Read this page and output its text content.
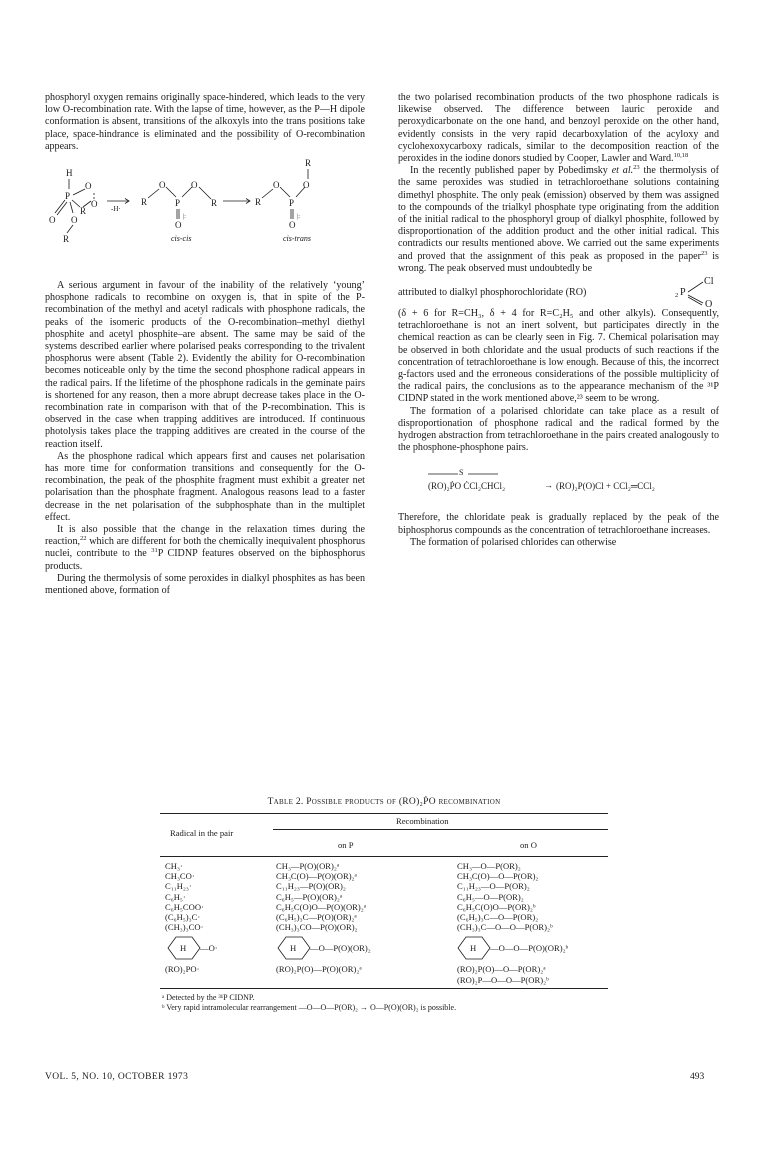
phosphoryl oxygen remains originally space-hindered, which leads to the very low O-recombination rate. With the lapse of time, however, as the P—H dipole conformation is absent, transitions of the alkoxyls into the trans positions take place, space-hindrance is eliminated and the possibility of O-recombination appears.

H
P
O
R
O
O O
R
-H·
R
O
P
O
R
O
|:
cis-cis
R
O
P
O
R
O
|:
cis-trans

A serious argument in favour of the inability of the relatively ‘young’ phosphone radicals to recombine on oxygen is, that in spite of the P-recombination of the methyl and acetyl radicals with phosphone radicals, the peaks of the isomeric products of the O-recombination–methyl diethyl phosphite and acetyl phosphite–are absent. The same may be said of the systems described earlier where polarised peaks corresponding to the trivalent phosphorus were absent (Table 2). Evidently the ability for O-recombination becomes noticeable only by the time the second phosphone radical appears in the radical pairs. If the lifetime of the phosphone radicals in the geminate pairs is shortened for any reason, then a more abrupt decrease takes place in the O-recombination rate in comparison with that of the P-recombination. This is observed in the case when trapping additives are introduced. If continuous photolysis takes place the trapping additives are created in the course of the reaction itself.

As the phosphone radical which appears first and causes net polarisation has more time for conformation transitions and consequently for the O-recombination, the peak of the phosphite fragment must exhibit a greater net polarisation than the phosphate fragment. Analogous reasons lead to a faster decrease in the net polarisation of the subphosphate than in the multiplet effect.

It is also possible that the change in the relaxation times during the reaction,$^{22}$ which are different for both the chemically inequivalent phosphorus nuclei, contribute to the $^{31}$P CIDNP features observed on the biphosphorus products.

During the thermolysis of some peroxides in dialkyl phosphites as has been mentioned above, formation of

the two polarised recombination products of the two phosphone radicals is likewise observed. The difference between lauric peroxide and peroxydicarbonate on the one hand, and benzoyl peroxide on the other hand, evidently consists in the very rapid decarboxylation of the acyloxy and cyclohexoxycarboxy radicals, similar to the decomposition reaction of the peroxides in the iodine donors studied by Cooper, Lawler and Ward.$^{10,18}$

In the recently published paper by Pobedimsky et al.$^{23}$ the thermolysis of the same peroxides was studied in tetrachloroethane solutions containing dimethyl phosphite. The only peak (emission) observed by them was assigned to the compounds of the trialkyl phosphate type originating from the addition of the initial radical to the phosphoryl group of dialkyl phosphite, followed by disproportionation of the addition product and the other initial radical. This contradicts our results mentioned above. We carried out the same experiments and proved that the assignment of this peak as proposed in the paper$^{23}$ is wrong. The peak observed must undoubtedly be

attributed to dialkyl phosphorochloridate (RO)	2 P
Cl
O

(δ + 6 for R=CH₃, δ + 4 for R=C₂H₅ and other alkyls). Consequently, tetrachloroethane is not an inert solvent, but participates directly in the chemical reaction as can be clearly seen in Fig. 7. Chemical polarisation may be observed in both chloridate and the usual products of such reactions if the concentration of tetrachloroethane is low enough. Because of this, the incorrect g-factors used and the erroneous considerations of the possible multiplicity of the radical pairs, the conclusions as to the appearance mechanism of the ³¹P CIDNP stated in the work mentioned above,²³ seem to be wrong.

The formation of a polarised chloridate can take place as a result of disproportionation of phosphone radical and the radical formed by the hydrogen abstraction from tetrachloroethane in the pairs created analogously to the phosphone-phosphone pairs.

S
(RO)₂ṖO ĊCl₂CHCl₂	→ (RO)₂P(O)Cl + CCl₂═CCl₂

Therefore, the chloridate peak is gradually replaced by the peak of the biphosphorus compounds as the concentration of tetrachloroethane increases.

The formation of polarised chlorides can otherwise

Table 2. Possible products of (RO)₂ṖO recombination
Recombination
Radical in the pair
on P	on O
CH₃·	CH₃—P(O)(OR)₂ᵃ	CH₃—O—P(OR)₂
CH₃CO·	CH₃C(O)—P(O)(OR)₂ᵃ	CH₃C(O)—O—P(OR)₂
C₁₁H₂₃·	C₁₁H₂₃—P(O)(OR)₂	C₁₁H₂₃—O—P(OR)₂
C₆H₅·	C₆H₅—P(O)(OR)₂ᵃ	C₆H₅—O—P(OR)₂
C₆H₅COO·	C₆H₅C(O)O—P(O)(OR)₂ᵃ	C₆H₅C(O)O—P(OR)₂ᵇ
(C₆H₅)₃C·	(C₆H₅)₃C—P(O)(OR)₂ᵃ	(C₆H₅)₃C—O—P(OR)₂
(CH₃)₃CO·	(CH₃)₃CO—P(O)(OR)₂	(CH₃)₃C—O—O—P(OR)₂ᵇ
H	H	H
—O·	—O—P(O)(OR)₂	—O—O—P(O)(OR)₂ᵇ
(RO)₂PO·	(RO)₂P(O)—P(O)(OR)₂ᵃ	(RO)₂P(O)—O—P(OR)₂ᵃ
(RO)₂P—O—O—P(OR)₂ᵇ
ᵃ Detected by the ³¹P CIDNP.
ᵇ Very rapid intramolecular rearrangement —O—O—P(OR)₂ → O—P(O)(OR)₂ is possible.
VOL. 5, NO. 10, OCTOBER 1973	493
